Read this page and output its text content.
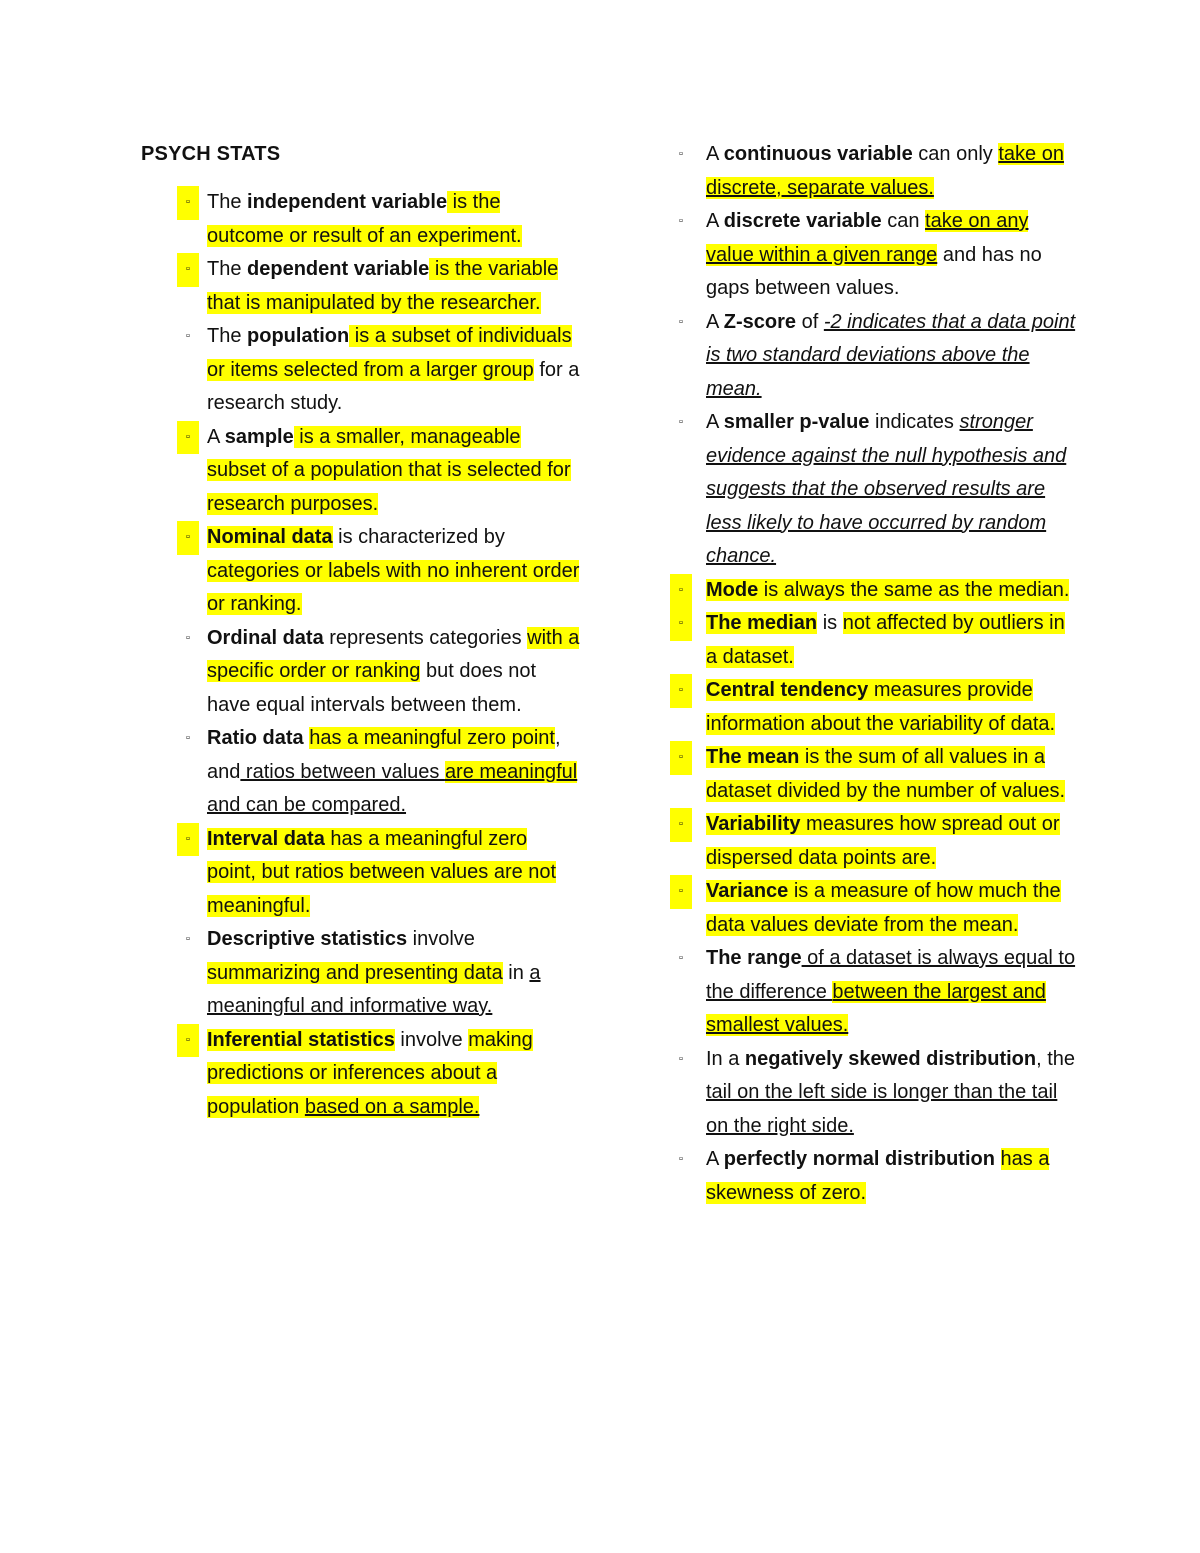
PSYCH STATS
▫ The independent variable is the outcome or result of an experiment.
▫ The dependent variable is the variable that is manipulated by the researcher.
▫ The population is a subset of individuals or items selected from a larger group for a research study.
▫ A sample is a smaller, manageable subset of a population that is selected for research purposes.
▫ Nominal data is characterized by categories or labels with no inherent order or ranking.
▫ Ordinal data represents categories with a specific order or ranking but does not have equal intervals between them.
▫ Ratio data has a meaningful zero point, and ratios between values are meaningful and can be compared.
▫ Interval data has a meaningful zero point, but ratios between values are not meaningful.
▫ Descriptive statistics involve summarizing and presenting data in a meaningful and informative way.
▫ Inferential statistics involve making predictions or inferences about a population based on a sample.
▫	A continuous variable can only take on discrete, separate values.
▫	A discrete variable can take on any value within a given range and has no gaps between values.
▫	A Z-score of -2 indicates that a data point is two standard deviations above the mean.
▫	A smaller p-value indicates stronger evidence against the null hypothesis and suggests that the observed results are less likely to have occurred by random chance.
▫	Mode is always the same as the median.
▫	The median is not affected by outliers in a dataset.
▫	Central tendency measures provide information about the variability of data.
▫	The mean is the sum of all values in a dataset divided by the number of values.
▫	Variability measures how spread out or dispersed data points are.
▫	Variance is a measure of how much the data values deviate from the mean.
▫	The range of a dataset is always equal to the difference between the largest and smallest values.
▫	In a negatively skewed distribution, the tail on the left side is longer than the tail on the right side.
▫	A perfectly normal distribution has a skewness of zero.
